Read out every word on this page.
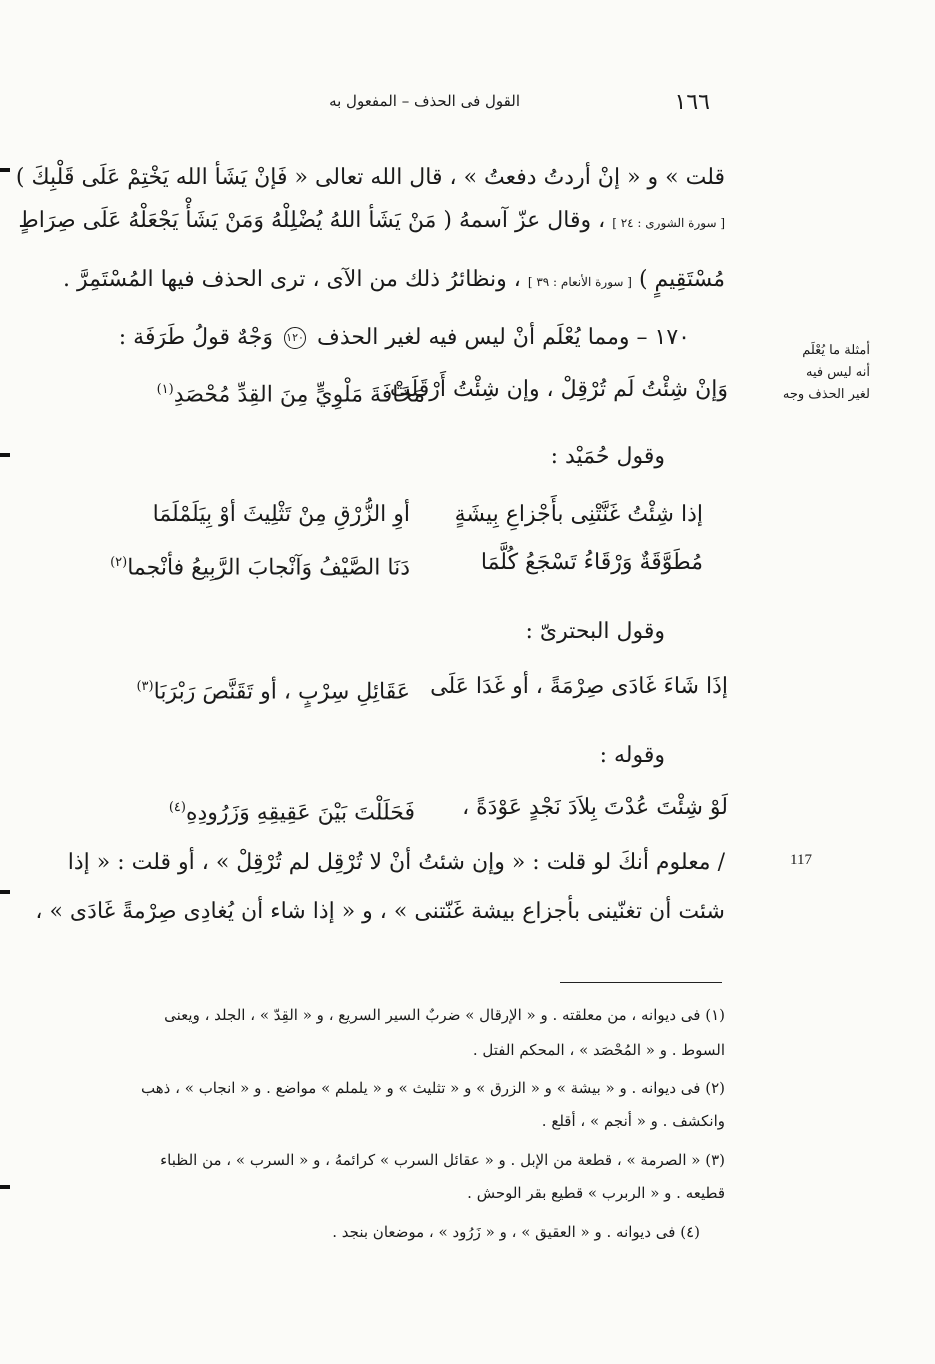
القول فى الحذف – المفعول به	١٦٦
قلت » و « إنْ أردتُ دفعتُ » ، قال الله تعالى « فَإنْ يَشَأ الله يَخْتِمْ عَلَى قَلْبِكَ )
[ سورة الشورى : ٢٤ ] ، وقال عزّ آسمهُ ( مَنْ يَشَأ اللهُ يُضْلِلْهُ وَمَنْ يَشَأْ يَجْعَلْهُ عَلَى صِرَاطٍ
مُسْتَقِيمٍ ) [ سورة الأنعام : ٣٩ ] ، ونظائرُ ذلك من الآى ، ترى الحذف فيها المُسْتَمِرَّ .
١٧٠ – ومما يُعْلَم أنْ ليس فيه لغير الحذف ١٢٠ وَجْهٌ قولُ طَرَفَة :
وَإنْ شِئْتُ لَم تُرْقِلْ ، وإن شِئْتُ أَرْقَلَتْ
مَخَافَةَ مَلْوِيٍّ مِنَ القِدِّ مُحْصَدِ$^{(١)}$
وقول حُمَيْد :
إذا شِئْتُ غَنَّتْنِى بأَجْزاعِ بِيشَةٍ
أوِ الزُّرْقِ مِنْ تَثْلِيثَ أوْ بِيَلَمْلَمَا
مُطَوَّقَةٌ وَرْقَاءُ تَسْجَعُ كُلَّمَا
دَنَا الصَّيْفُ وَآنْجابَ الرَّبِيعُ فأنْجما$^{(٢)}$
وقول البحترىّ :
إذَا شَاءَ غَادَى صِرْمَةً ، أو غَدَا عَلَى
عَقَائِلِ سِرْبٍ ، أو تَقَنَّصَ رَبْرَبَا$^{(٣)}$
وقوله :
لَوْ شِئْتَ عُدْتَ بِلاَدَ نَجْدٍ عَوْدَةً ،
فَحَلَلْتَ بَيْنَ عَقِيقِهِ وَزَرُودِهِ$^{(٤)}$
/ معلوم أنكَ لو قلت : « وإن شئتُ أنْ لا تُرْقِل لم تُرْقِلْ » ، أو قلت : « إذا
شئت أن تغنّينى بأجزاع بيشة غَنّتنى » ، و « إذا شاء أن يُغادِى صِرْمةً غَادَى » ،
أمثلة ما يُعْلَم
أنه ليس فيه
لغير الحذف وجه
117
(١) فى ديوانه ، من معلقته . و « الإرقال » ضربٌ السير السريع ، و « القِدّ » ، الجلد ، ويعنى
السوط . و « المُحْصَد » ، المحكم الفتل .
(٢) فى ديوانه . و « بيشة » و « الزرق » و « تثليث » و « يلملم » مواضع . و « انجاب » ، ذهب
وانكشف . و « أنجم » ، أقلع .
(٣) « الصرمة » ، قطعة من الإبل . و « عقائل السرب » كرائمهُ ، و « السرب » ، من الظباء
قطيعه . و « الربرب » قطيع بقر الوحش .
(٤) فى ديوانه . و « العقيق » ، و « زَرُود » ، موضعان بنجد .
